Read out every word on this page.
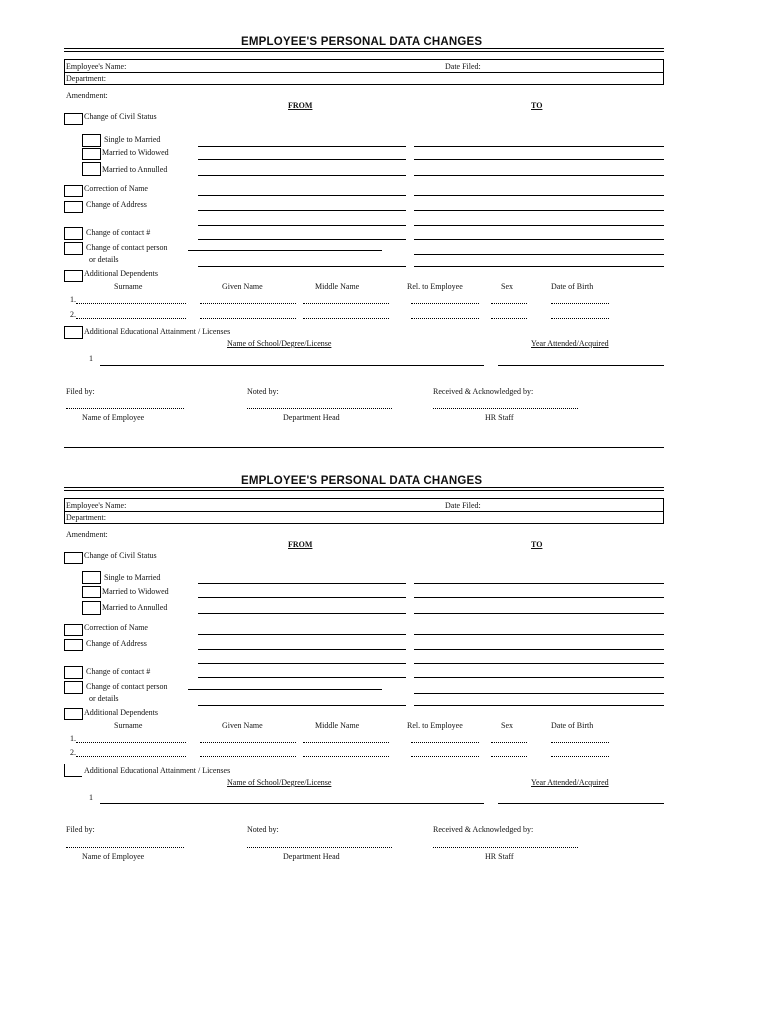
EMPLOYEE'S PERSONAL DATA CHANGES
Employee's Name:	Date Filed:
Department:
Amendment:
FROM	TO
Change of Civil Status
Single to Married
Married to Widowed
Married to Annulled
Correction of Name
Change of Address
Change of contact #
Change of contact person
or details
Additional Dependents
Surname	Given Name	Middle Name	Rel. to Employee	Sex	Date of Birth
1.
2.
Additional Educational Attainment / Licenses
Name of School/Degree/License	Year Attended/Acquired
1
Filed by:	Noted by:	Received & Acknowledged by:
Name of Employee	Department Head	HR Staff
EMPLOYEE'S PERSONAL DATA CHANGES
Employee's Name:	Date Filed:
Department:
Amendment:
FROM	TO
Change of Civil Status
Single to Married
Married to Widowed
Married to Annulled
Correction of Name
Change of Address
Change of contact #
Change of contact person
or details
Additional Dependents
Surname	Given Name	Middle Name	Rel. to Employee	Sex	Date of Birth
1.
2.
Additional Educational Attainment / Licenses
Name of School/Degree/License	Year Attended/Acquired
1
Filed by:	Noted by:	Received & Acknowledged by:
Name of Employee	Department Head	HR Staff
